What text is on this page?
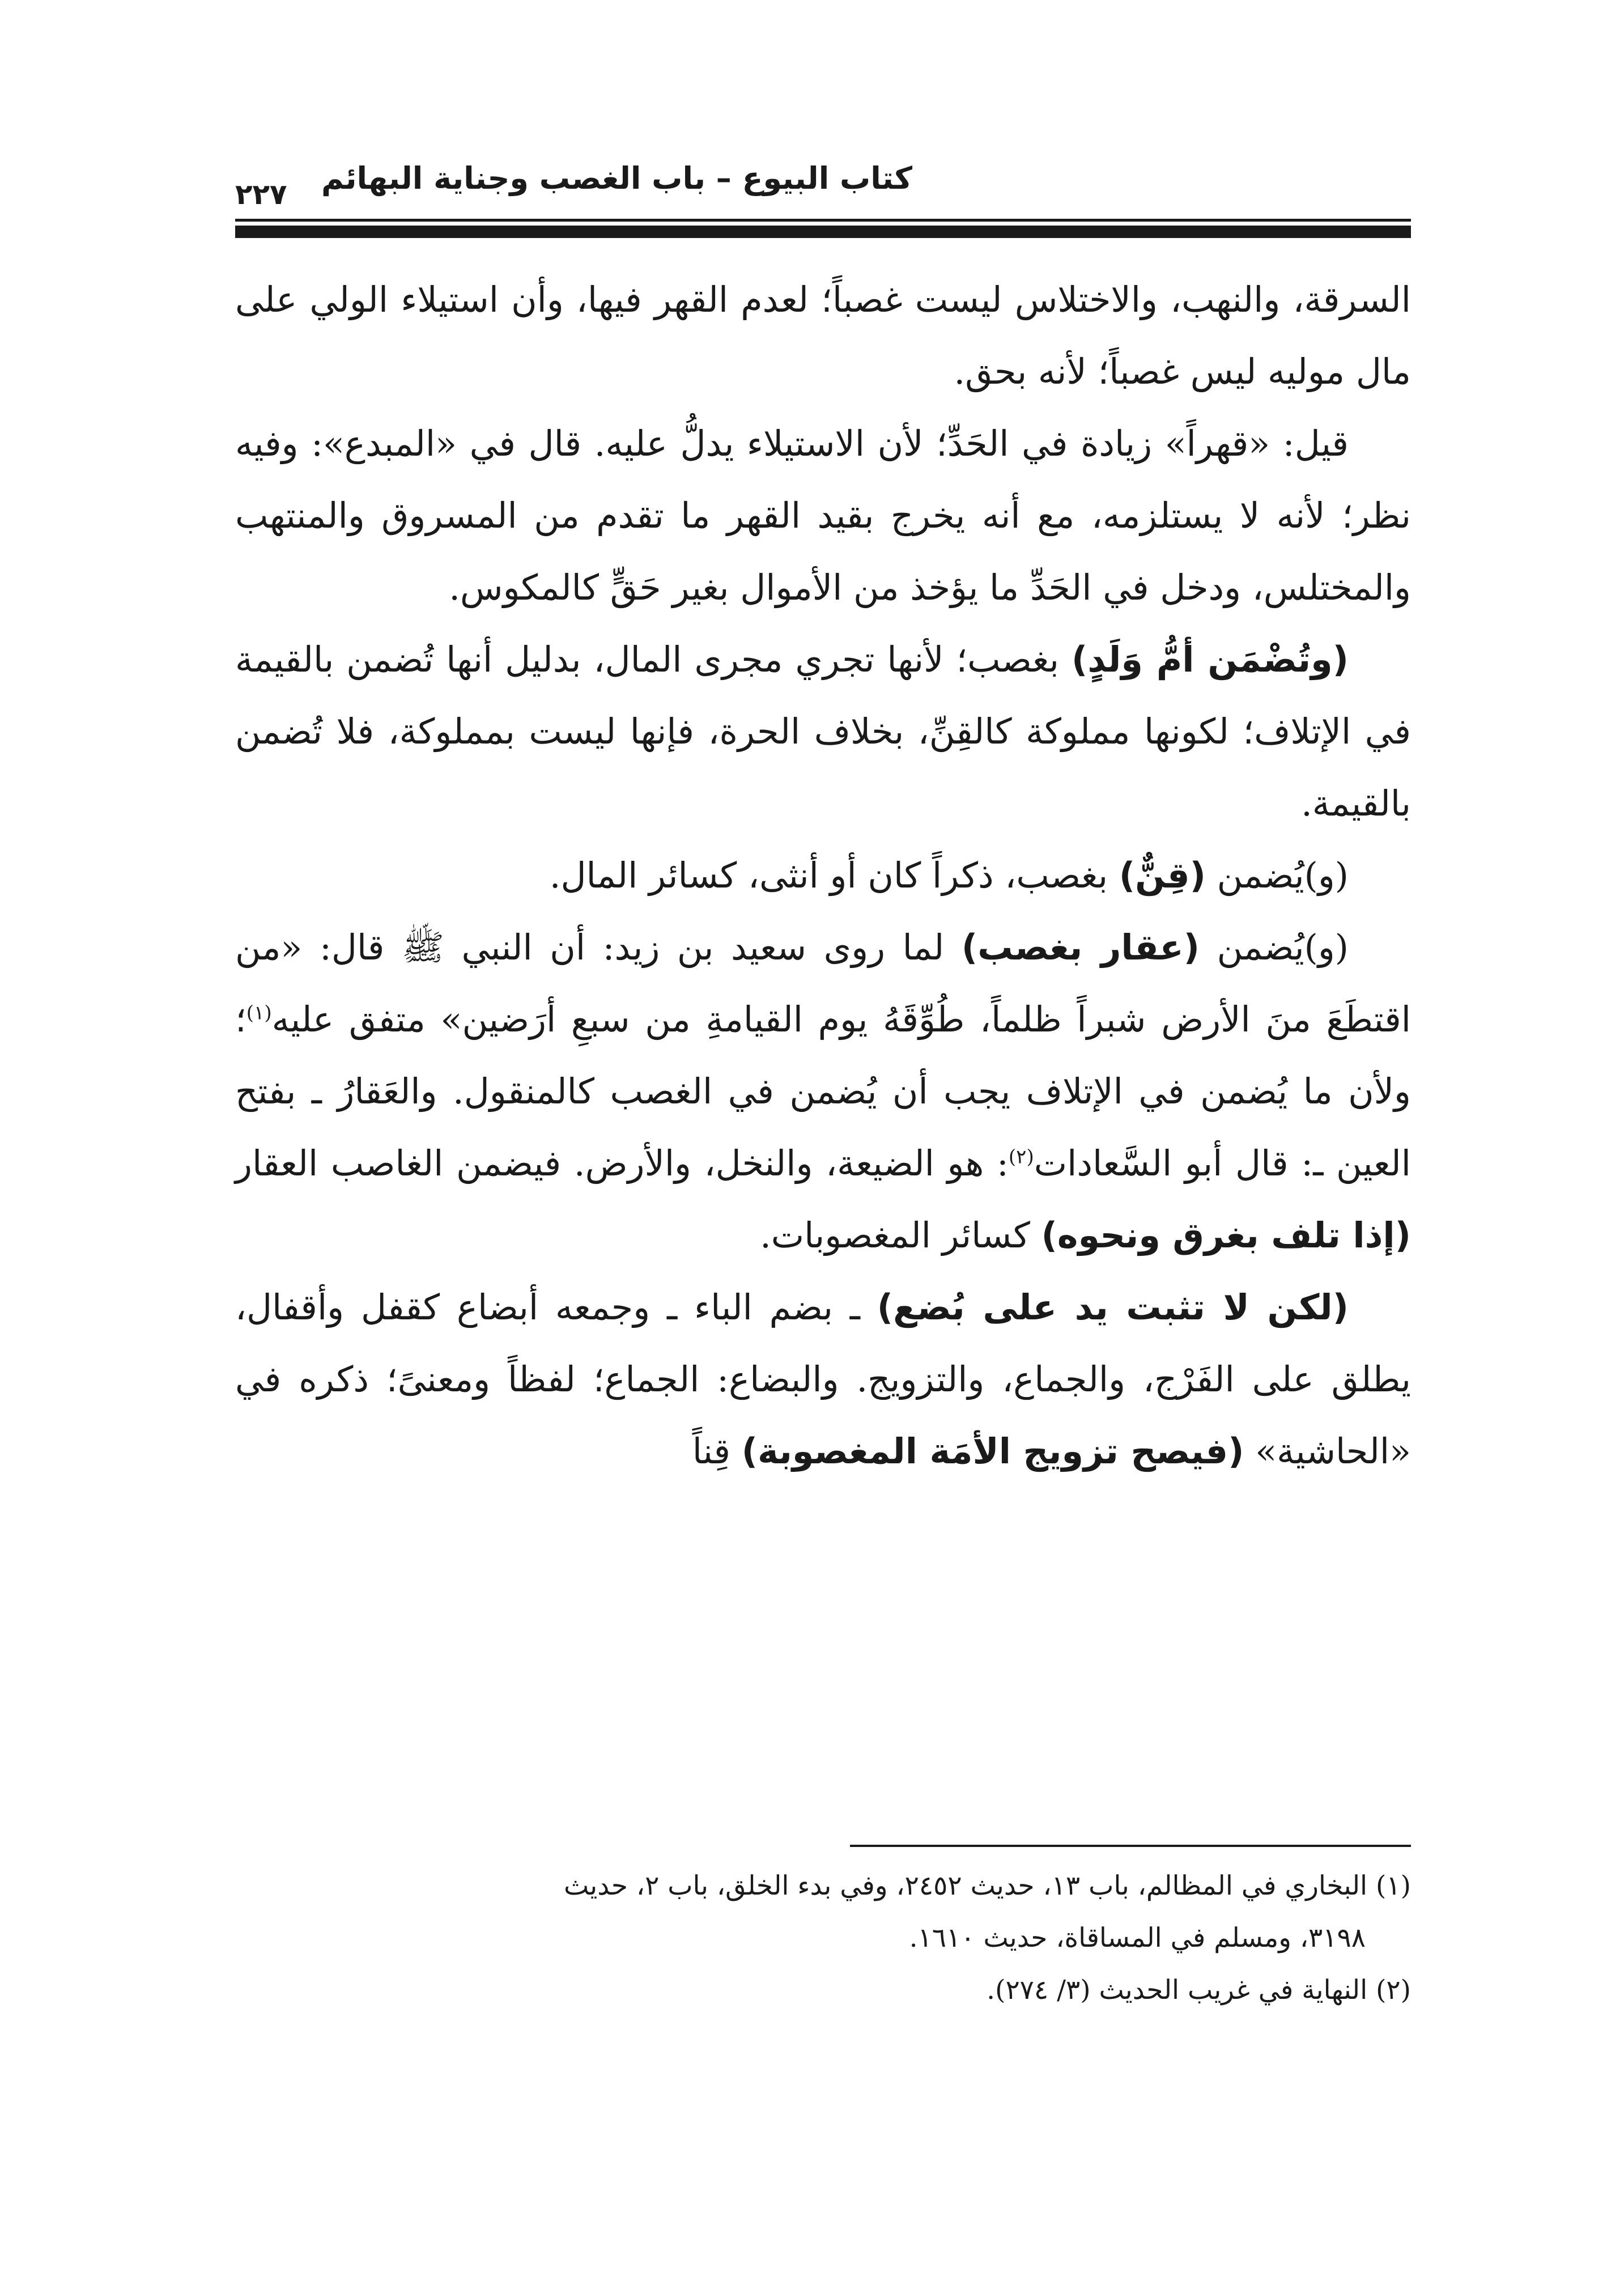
كتاب البيوع – باب الغصب وجناية البهائم
٢٢٧

السرقة، والنهب، والاختلاس ليست غصباً؛ لعدم القهر فيها، وأن استيلاء الولي على مال موليه ليس غصباً؛ لأنه بحق.

قيل: «قهراً» زيادة في الحَدِّ؛ لأن الاستيلاء يدلُّ عليه. قال في «المبدع»: وفيه نظر؛ لأنه لا يستلزمه، مع أنه يخرج بقيد القهر ما تقدم من المسروق والمنتهب والمختلس، ودخل في الحَدِّ ما يؤخذ من الأموال بغير حَقٍّ كالمكوس.

(وتُضْمَن أمُّ وَلَدٍ) بغصب؛ لأنها تجري مجرى المال، بدليل أنها تُضمن بالقيمة في الإتلاف؛ لكونها مملوكة كالقِنِّ، بخلاف الحرة، فإنها ليست بمملوكة، فلا تُضمن بالقيمة.

(و)يُضمن (قِنٌّ) بغصب، ذكراً كان أو أنثى، كسائر المال.

(و)يُضمن (عقار بغصب) لما روى سعيد بن زيد: أن النبي ﷺ قال: «من اقتطَعَ منَ الأرض شبراً ظلماً، طُوِّقَهُ يوم القيامةِ من سبعِ أرَضين» متفق عليه$^{(١)}$؛ ولأن ما يُضمن في الإتلاف يجب أن يُضمن في الغصب كالمنقول. والعَقارُ ـ بفتح العين ـ: قال أبو السَّعادات$^{(٢)}$: هو الضيعة، والنخل، والأرض. فيضمن الغاصب العقار (إذا تلف بغرق ونحوه) كسائر المغصوبات.

(لكن لا تثبت يد على بُضع) ـ بضم الباء ـ وجمعه أبضاع كقفل وأقفال، يطلق على الفَرْج، والجماع، والتزويج. والبضاع: الجماع؛ لفظاً ومعنىً؛ ذكره في «الحاشية» (فيصح تزويج الأمَة المغصوبة) قِناً

(١) البخاري في المظالم، باب ١٣، حديث ٢٤٥٢، وفي بدء الخلق، باب ٢، حديث

٣١٩٨، ومسلم في المساقاة، حديث ١٦١٠.

(٢) النهاية في غريب الحديث (٣/ ٢٧٤).
